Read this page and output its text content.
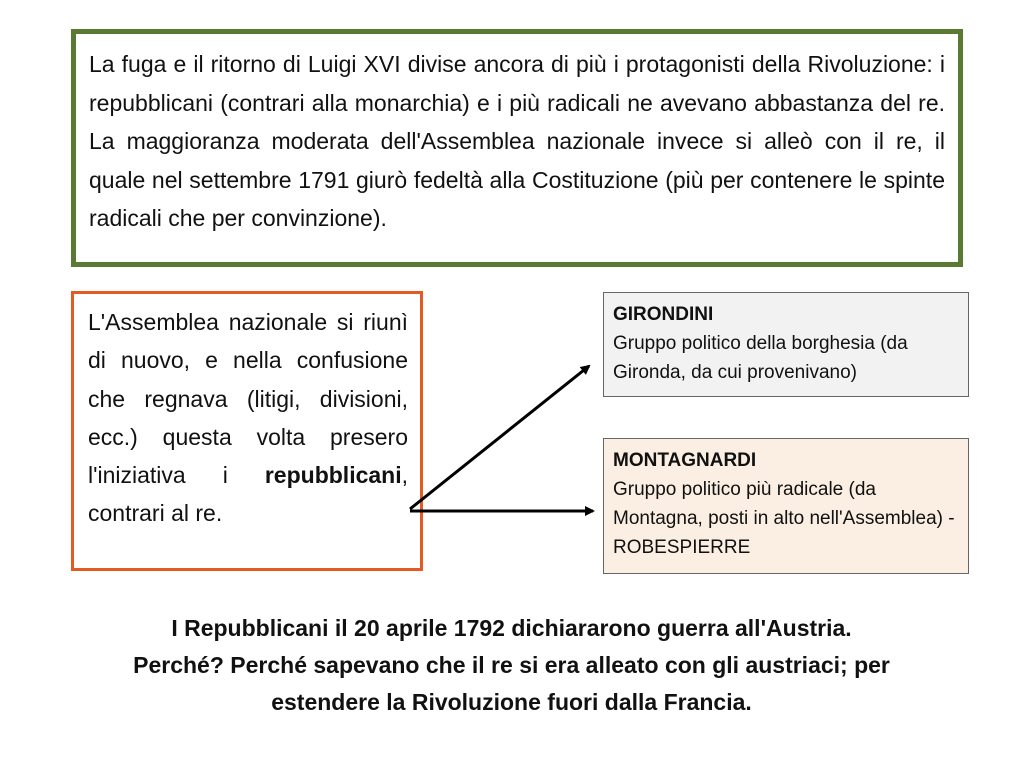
La fuga e il ritorno di Luigi XVI divise ancora di più i protagonisti della Rivoluzione: i repubblicani (contrari alla monarchia) e i più radicali ne avevano abbastanza del re. La maggioranza moderata dell'Assemblea nazionale invece si alleò con il re, il quale nel settembre 1791 giurò fedeltà alla Costituzione (più per contenere le spinte radicali che per convinzione).
L'Assemblea nazionale si riunì di nuovo, e nella confusione che regnava (litigi, divisioni, ecc.) questa volta presero l'iniziativa i repubblicani, contrari al re.
GIRONDINI
Gruppo politico della borghesia (da Gironda, da cui provenivano)
MONTAGNARDI
Gruppo politico più radicale (da Montagna, posti in alto nell'Assemblea) - ROBESPIERRE
I Repubblicani il 20 aprile 1792 dichiararono guerra all'Austria.
Perché? Perché sapevano che il re si era alleato con gli austriaci; per
estendere la Rivoluzione fuori dalla Francia.
